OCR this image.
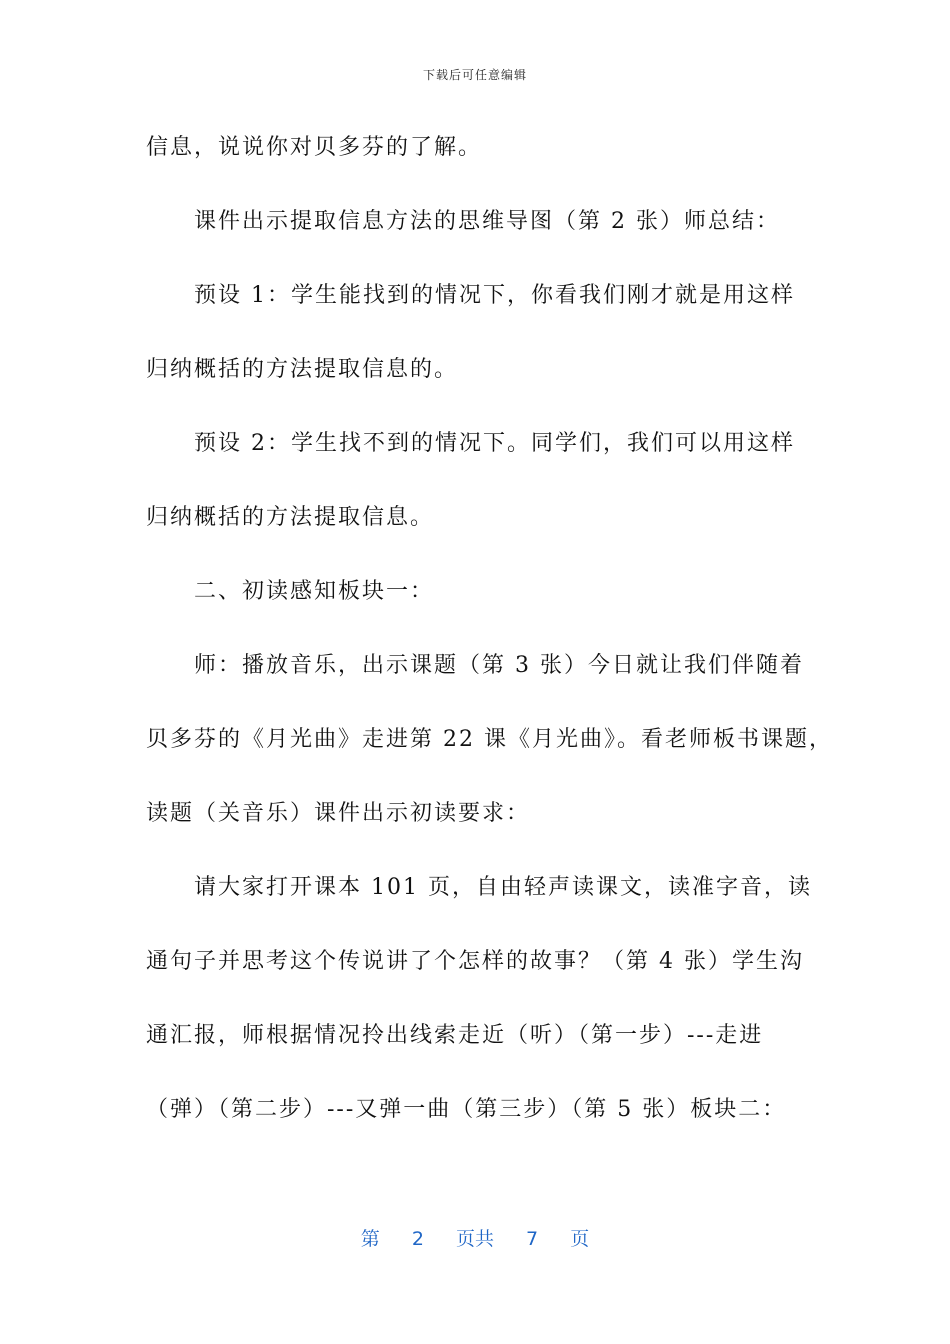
下载后可任意编辑
信息，说说你对贝多芬的了解。
课件出示提取信息方法的思维导图（第 2 张）师总结：
预设 1：学生能找到的情况下，你看我们刚才就是用这样
归纳概括的方法提取信息的。
预设 2：学生找不到的情况下。同学们，我们可以用这样
归纳概括的方法提取信息。
二、初读感知板块一：
师：播放音乐，出示课题（第 3 张）今日就让我们伴随着
贝多芬的《月光曲》走进第 22 课《月光曲》。看老师板书课题，
读题（关音乐）课件出示初读要求：
请大家打开课本 101 页，自由轻声读课文，读准字音，读
通句子并思考这个传说讲了个怎样的故事？（第 4 张）学生沟
通汇报，师根据情况拎出线索走近（听）（第一步）---走进
（弹）（第二步）---又弹一曲（第三步）（第 5 张）板块二：
第 2 页共 7 页
